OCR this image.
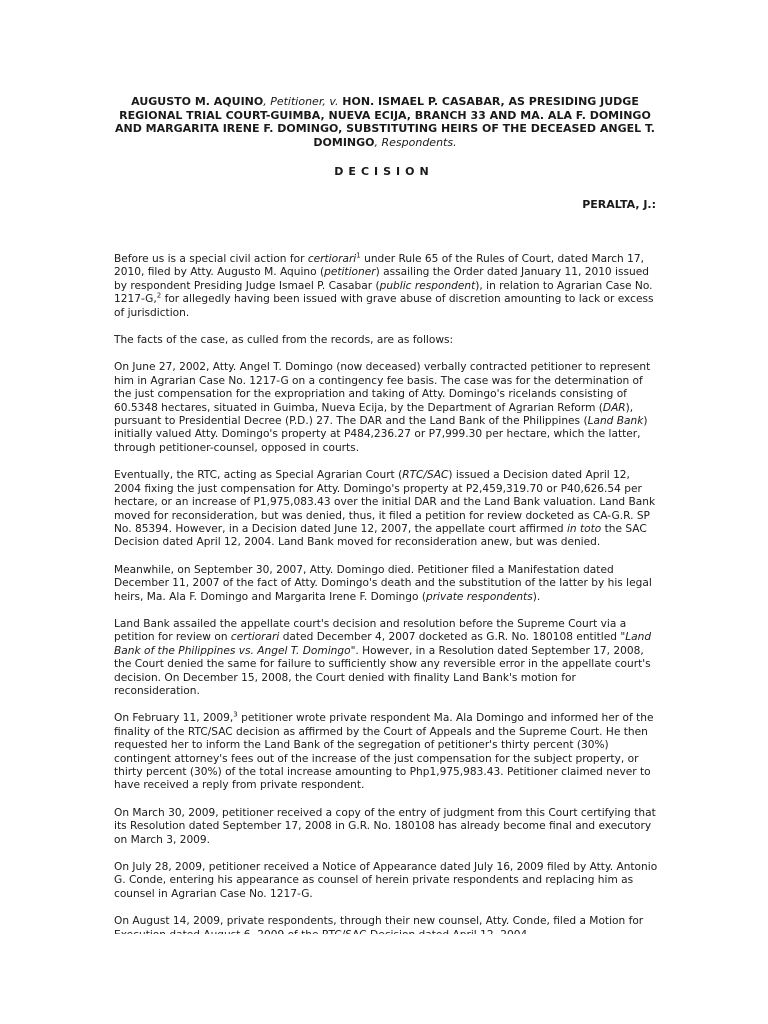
AUGUSTO M. AQUINO, Petitioner, v. HON. ISMAEL P. CASABAR, AS PRESIDING JUDGE REGIONAL TRIAL COURT-GUIMBA, NUEVA ECIJA, BRANCH 33 AND MA. ALA F. DOMINGO AND MARGARITA IRENE F. DOMINGO, SUBSTITUTING HEIRS OF THE DECEASED ANGEL T. DOMINGO, Respondents.
DECISION
PERALTA, J.:

Before us is a special civil action for certiorari$^1$ under Rule 65 of the Rules of Court, dated March 17, 2010, filed by Atty. Augusto M. Aquino (petitioner) assailing the Order dated January 11, 2010 issued by respondent Presiding Judge Ismael P. Casabar (public respondent), in relation to Agrarian Case No. 1217-G,$^2$ for allegedly having been issued with grave abuse of discretion amounting to lack or excess of jurisdiction.

The facts of the case, as culled from the records, are as follows:

On June 27, 2002, Atty. Angel T. Domingo (now deceased) verbally contracted petitioner to represent him in Agrarian Case No. 1217-G on a contingency fee basis. The case was for the determination of the just compensation for the expropriation and taking of Atty. Domingo's ricelands consisting of 60.5348 hectares, situated in Guimba, Nueva Ecija, by the Department of Agrarian Reform (DAR), pursuant to Presidential Decree (P.D.) 27. The DAR and the Land Bank of the Philippines (Land Bank) initially valued Atty. Domingo's property at P484,236.27 or P7,999.30 per hectare, which the latter, through petitioner-counsel, opposed in courts.

Eventually, the RTC, acting as Special Agrarian Court (RTC/SAC) issued a Decision dated April 12, 2004 fixing the just compensation for Atty. Domingo's property at P2,459,319.70 or P40,626.54 per hectare, or an increase of P1,975,083.43 over the initial DAR and the Land Bank valuation. Land Bank moved for reconsideration, but was denied, thus, it filed a petition for review docketed as CA-G.R. SP No. 85394. However, in a Decision dated June 12, 2007, the appellate court affirmed in toto the SAC Decision dated April 12, 2004. Land Bank moved for reconsideration anew, but was denied.

Meanwhile, on September 30, 2007, Atty. Domingo died. Petitioner filed a Manifestation dated December 11, 2007 of the fact of Atty. Domingo's death and the substitution of the latter by his legal heirs, Ma. Ala F. Domingo and Margarita Irene F. Domingo (private respondents).

Land Bank assailed the appellate court's decision and resolution before the Supreme Court via a petition for review on certiorari dated December 4, 2007 docketed as G.R. No. 180108 entitled "Land Bank of the Philippines vs. Angel T. Domingo". However, in a Resolution dated September 17, 2008, the Court denied the same for failure to sufficiently show any reversible error in the appellate court's decision. On December 15, 2008, the Court denied with finality Land Bank's motion for reconsideration.

On February 11, 2009,$^3$ petitioner wrote private respondent Ma. Ala Domingo and informed her of the finality of the RTC/SAC decision as affirmed by the Court of Appeals and the Supreme Court. He then requested her to inform the Land Bank of the segregation of petitioner's thirty percent (30%) contingent attorney's fees out of the increase of the just compensation for the subject property, or thirty percent (30%) of the total increase amounting to Php1,975,983.43. Petitioner claimed never to have received a reply from private respondent.

On March 30, 2009, petitioner received a copy of the entry of judgment from this Court certifying that its Resolution dated September 17, 2008 in G.R. No. 180108 has already become final and executory on March 3, 2009.

On July 28, 2009, petitioner received a Notice of Appearance dated July 16, 2009 filed by Atty. Antonio G. Conde, entering his appearance as counsel of herein private respondents and replacing him as counsel in Agrarian Case No. 1217-G.

On August 14, 2009, private respondents, through their new counsel, Atty. Conde, filed a Motion for
